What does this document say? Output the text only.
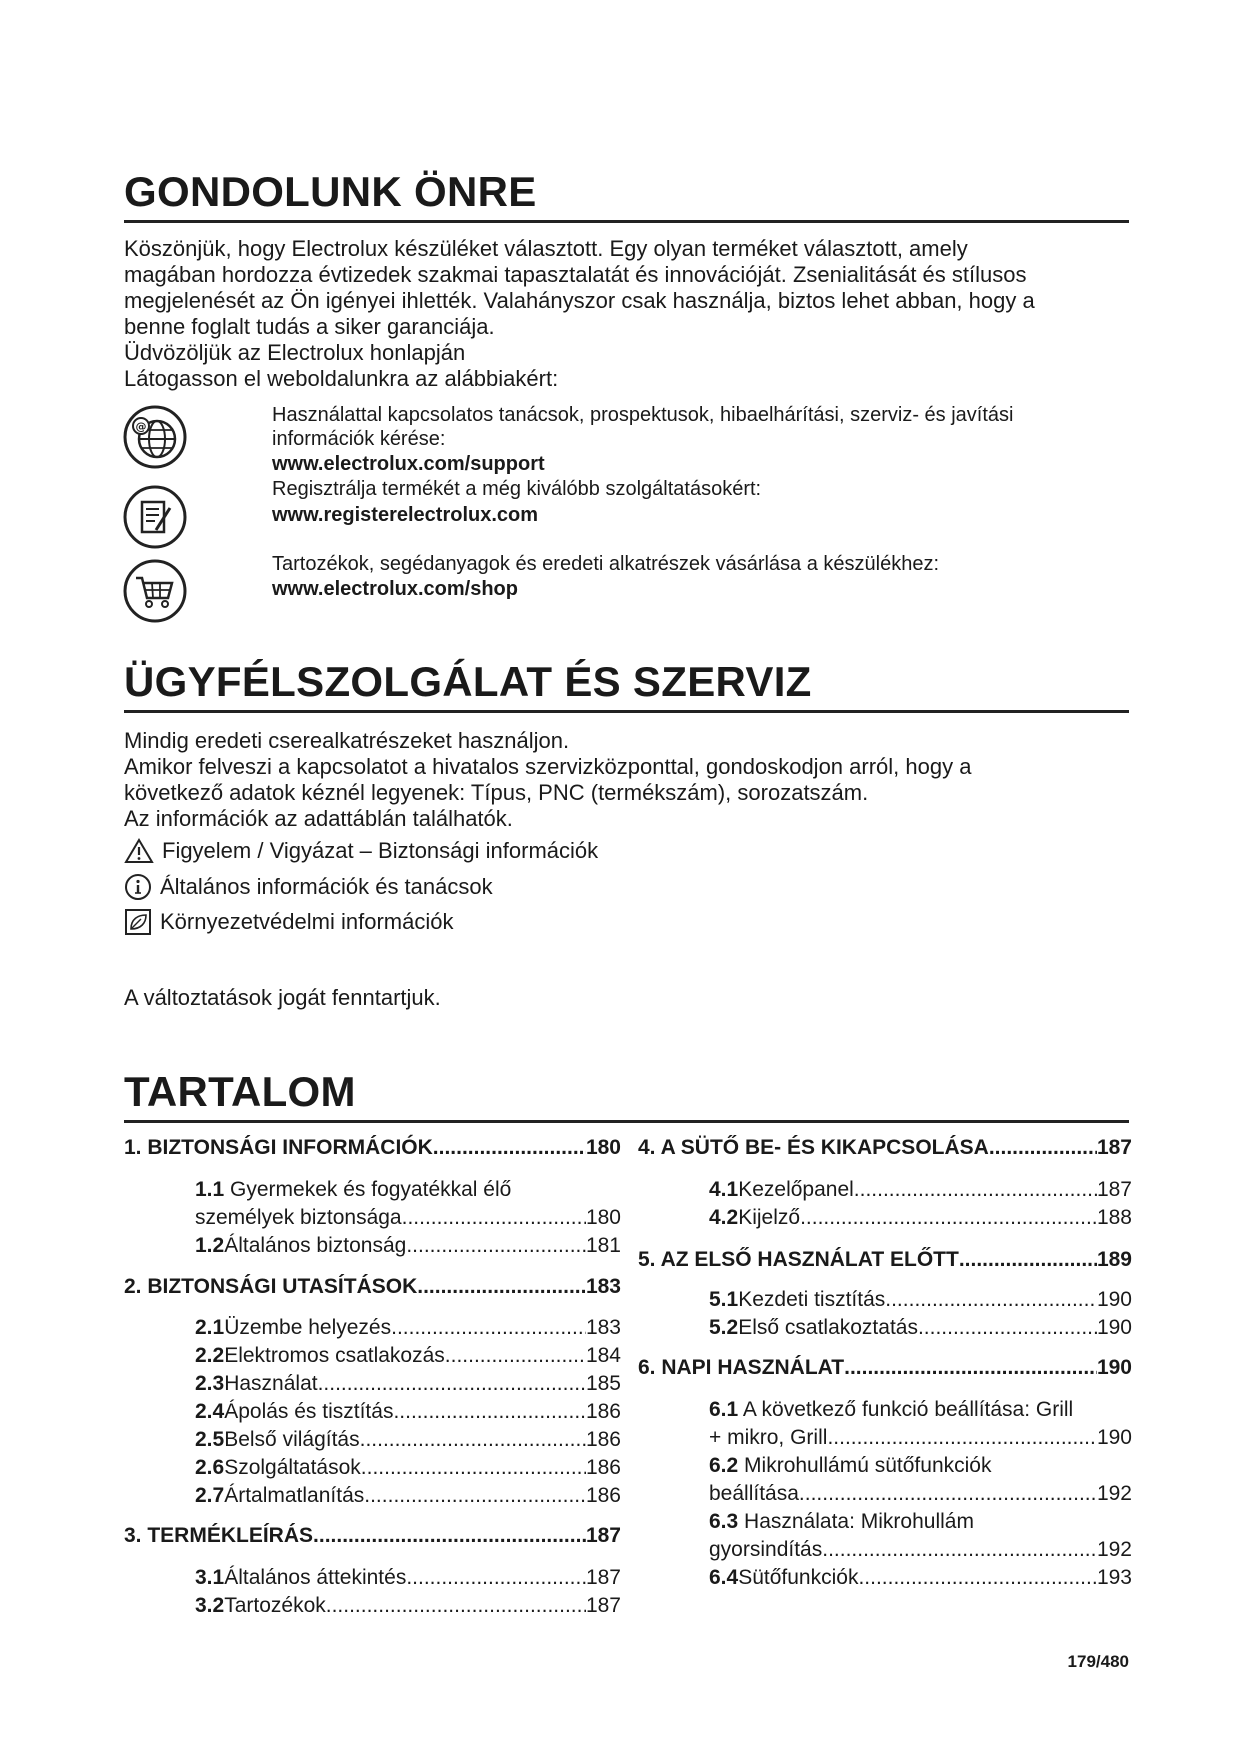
GONDOLUNK ÖNRE
Köszönjük, hogy Electrolux készüléket választott. Egy olyan terméket választott, amely
magában hordozza évtizedek szakmai tapasztalatát és innovációját. Zsenialitását és stílusos
megjelenését az Ön igényei ihlették. Valahányszor csak használja, biztos lehet abban, hogy a
benne foglalt tudás a siker garanciája.
Üdvözöljük az Electrolux honlapján
Látogasson el weboldalunkra az alábbiakért:
@
Használattal kapcsolatos tanácsok, prospektusok, hibaelhárítási, szerviz- és javítási
információk kérése:
www.electrolux.com/support
Regisztrálja termékét a még kiválóbb szolgáltatásokért:
www.registerelectrolux.com
Tartozékok, segédanyagok és eredeti alkatrészek vásárlása a készülékhez:
www.electrolux.com/shop
ÜGYFÉLSZOLGÁLAT ÉS SZERVIZ
Mindig eredeti cserealkatrészeket használjon.
Amikor felveszi a kapcsolatot a hivatalos szervizközponttal, gondoskodjon arról, hogy a
következő adatok kéznél legyenek: Típus, PNC (termékszám), sorozatszám.
Az információk az adattáblán találhatók.
Figyelem / Vigyázat – Biztonsági információk
Általános információk és tanácsok
Környezetvédelmi információk
A változtatások jogát fenntartjuk.
TARTALOM
1. BIZTONSÁGI INFORMÁCIÓK .....	180
1.1 Gyermekek és fogyatékkal élő
személyek biztonsága .....	180
1.2 Általános biztonság .....	181
2. BIZTONSÁGI UTASÍTÁSOK .....	183
2.1 Üzembe helyezés .....	183
2.2 Elektromos csatlakozás .....	184
2.3 Használat .....	185
2.4 Ápolás és tisztítás .....	186
2.5 Belső világítás .....	186
2.6 Szolgáltatások .....	186
2.7 Ártalmatlanítás .....	186
3. TERMÉKLEÍRÁS .....	187
3.1 Általános áttekintés .....	187
3.2 Tartozékok .....	187
4. A SÜTŐ BE- ÉS KIKAPCSOLÁSA .....	187
4.1 Kezelőpanel .....	187
4.2 Kijelző .....	188
5. AZ ELSŐ HASZNÁLAT ELŐTT .....	189
5.1 Kezdeti tisztítás .....	190
5.2 Első csatlakoztatás .....	190
6. NAPI HASZNÁLAT .....	190
6.1 A következő funkció beállítása: Grill
+ mikro, Grill .....	190
6.2 Mikrohullámú sütőfunkciók
beállítása .....	192
6.3 Használata: Mikrohullám
gyorsindítás .....	192
6.4 Sütőfunkciók .....	193
179/480
